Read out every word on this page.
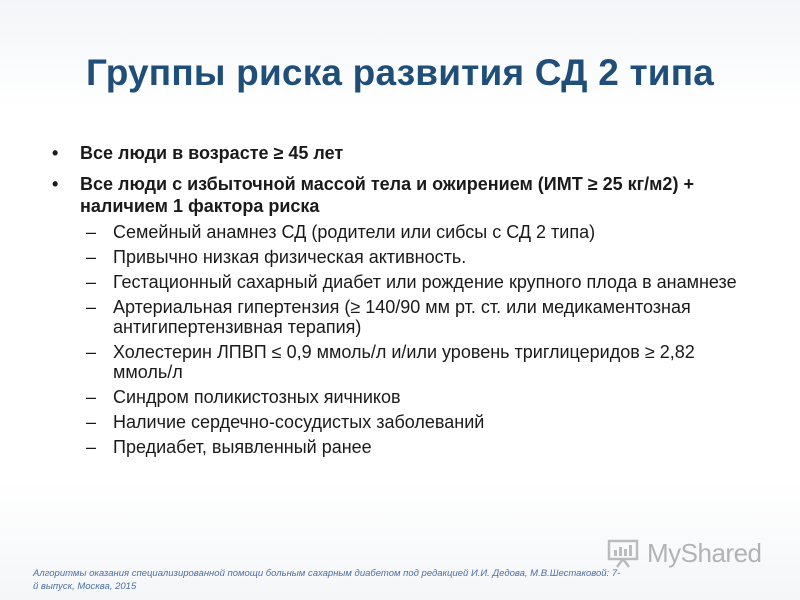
Группы риска развития СД 2 типа
• Все люди в возрасте ≥ 45 лет
• Все люди с избыточной массой тела и ожирением (ИМТ ≥ 25 кг/м2) + наличием 1 фактора риска
– Семейный анамнез СД (родители или сибсы с СД 2 типа)
– Привычно низкая физическая активность.
– Гестационный сахарный диабет или рождение крупного плода в анамнезе
– Артериальная гипертензия (≥ 140/90 мм рт. ст. или медикаментозная антигипертензивная терапия)
– Холестерин ЛПВП ≤ 0,9 ммоль/л и/или уровень триглицеридов ≥ 2,82 ммоль/л
– Синдром поликистозных яичников
– Наличие сердечно-сосудистых заболеваний
– Предиабет, выявленный ранее
MyShared
Алгоритмы оказания специализированной помощи больным сахарным диабетом под редакцией И.И. Дедова, М.В.Шестаковой: 7-й выпуск, Москва, 2015
